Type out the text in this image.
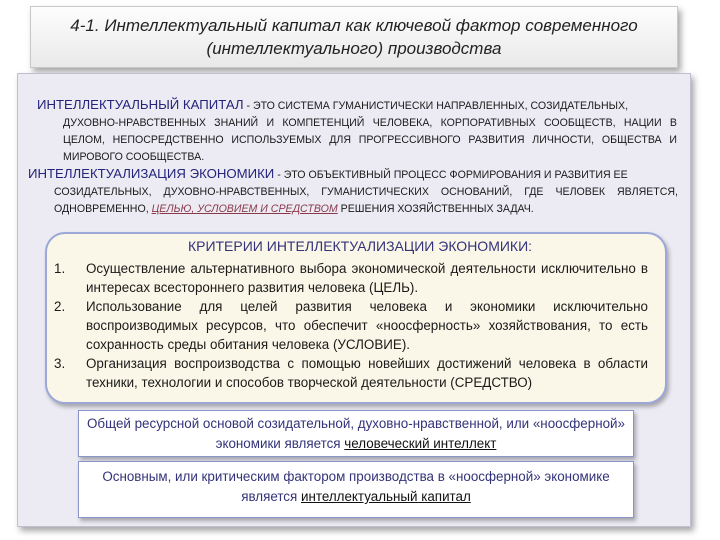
4-1. Интеллектуальный капитал как ключевой фактор современного
(интеллектуального) производства
ИНТЕЛЛЕКТУАЛЬНЫЙ КАПИТАЛ - ЭТО СИСТЕМА ГУМАНИСТИЧЕСКИ НАПРАВЛЕННЫХ, СОЗИДАТЕЛЬНЫХ,
ДУХОВНО-НРАВСТВЕННЫХ ЗНАНИЙ И КОМПЕТЕНЦИЙ ЧЕЛОВЕКА, КОРПОРАТИВНЫХ СООБЩЕСТВ, НАЦИИ В ЦЕЛОМ, НЕПОСРЕДСТВЕННО ИСПОЛЬЗУЕМЫХ ДЛЯ ПРОГРЕССИВНОГО РАЗВИТИЯ ЛИЧНОСТИ, ОБЩЕСТВА И МИРОВОГО СООБЩЕСТВА.
ИНТЕЛЛЕКТУАЛИЗАЦИЯ ЭКОНОМИКИ - ЭТО ОБЪЕКТИВНЫЙ ПРОЦЕСС ФОРМИРОВАНИЯ И РАЗВИТИЯ ЕЕ
СОЗИДАТЕЛЬНЫХ, ДУХОВНО-НРАВСТВЕННЫХ, ГУМАНИСТИЧЕСКИХ ОСНОВАНИЙ, ГДЕ ЧЕЛОВЕК ЯВЛЯЕТСЯ, ОДНОВРЕМЕННО, ЦЕЛЬЮ, УСЛОВИЕМ И СРЕДСТВОМ РЕШЕНИЯ ХОЗЯЙСТВЕННЫХ ЗАДАЧ.
КРИТЕРИИ ИНТЕЛЛЕКТУАЛИЗАЦИИ ЭКОНОМИКИ:
1.	Осуществление альтернативного выбора экономической деятельности исключительно в интересах всестороннего развития человека (ЦЕЛЬ).
2.	Использование для целей развития человека и экономики исключительно воспроизводимых ресурсов, что обеспечит «ноосферность» хозяйствования, то есть сохранность среды обитания человека (УСЛОВИЕ).
3.	Организация воспроизводства с помощью новейших достижений человека в области техники, технологии и способов творческой деятельности (СРЕДСТВО)
Общей ресурсной основой созидательной, духовно-нравственной, или «ноосферной» экономики является человеческий интеллект
Основным, или критическим фактором производства в «ноосферной» экономике является интеллектуальный капитал
